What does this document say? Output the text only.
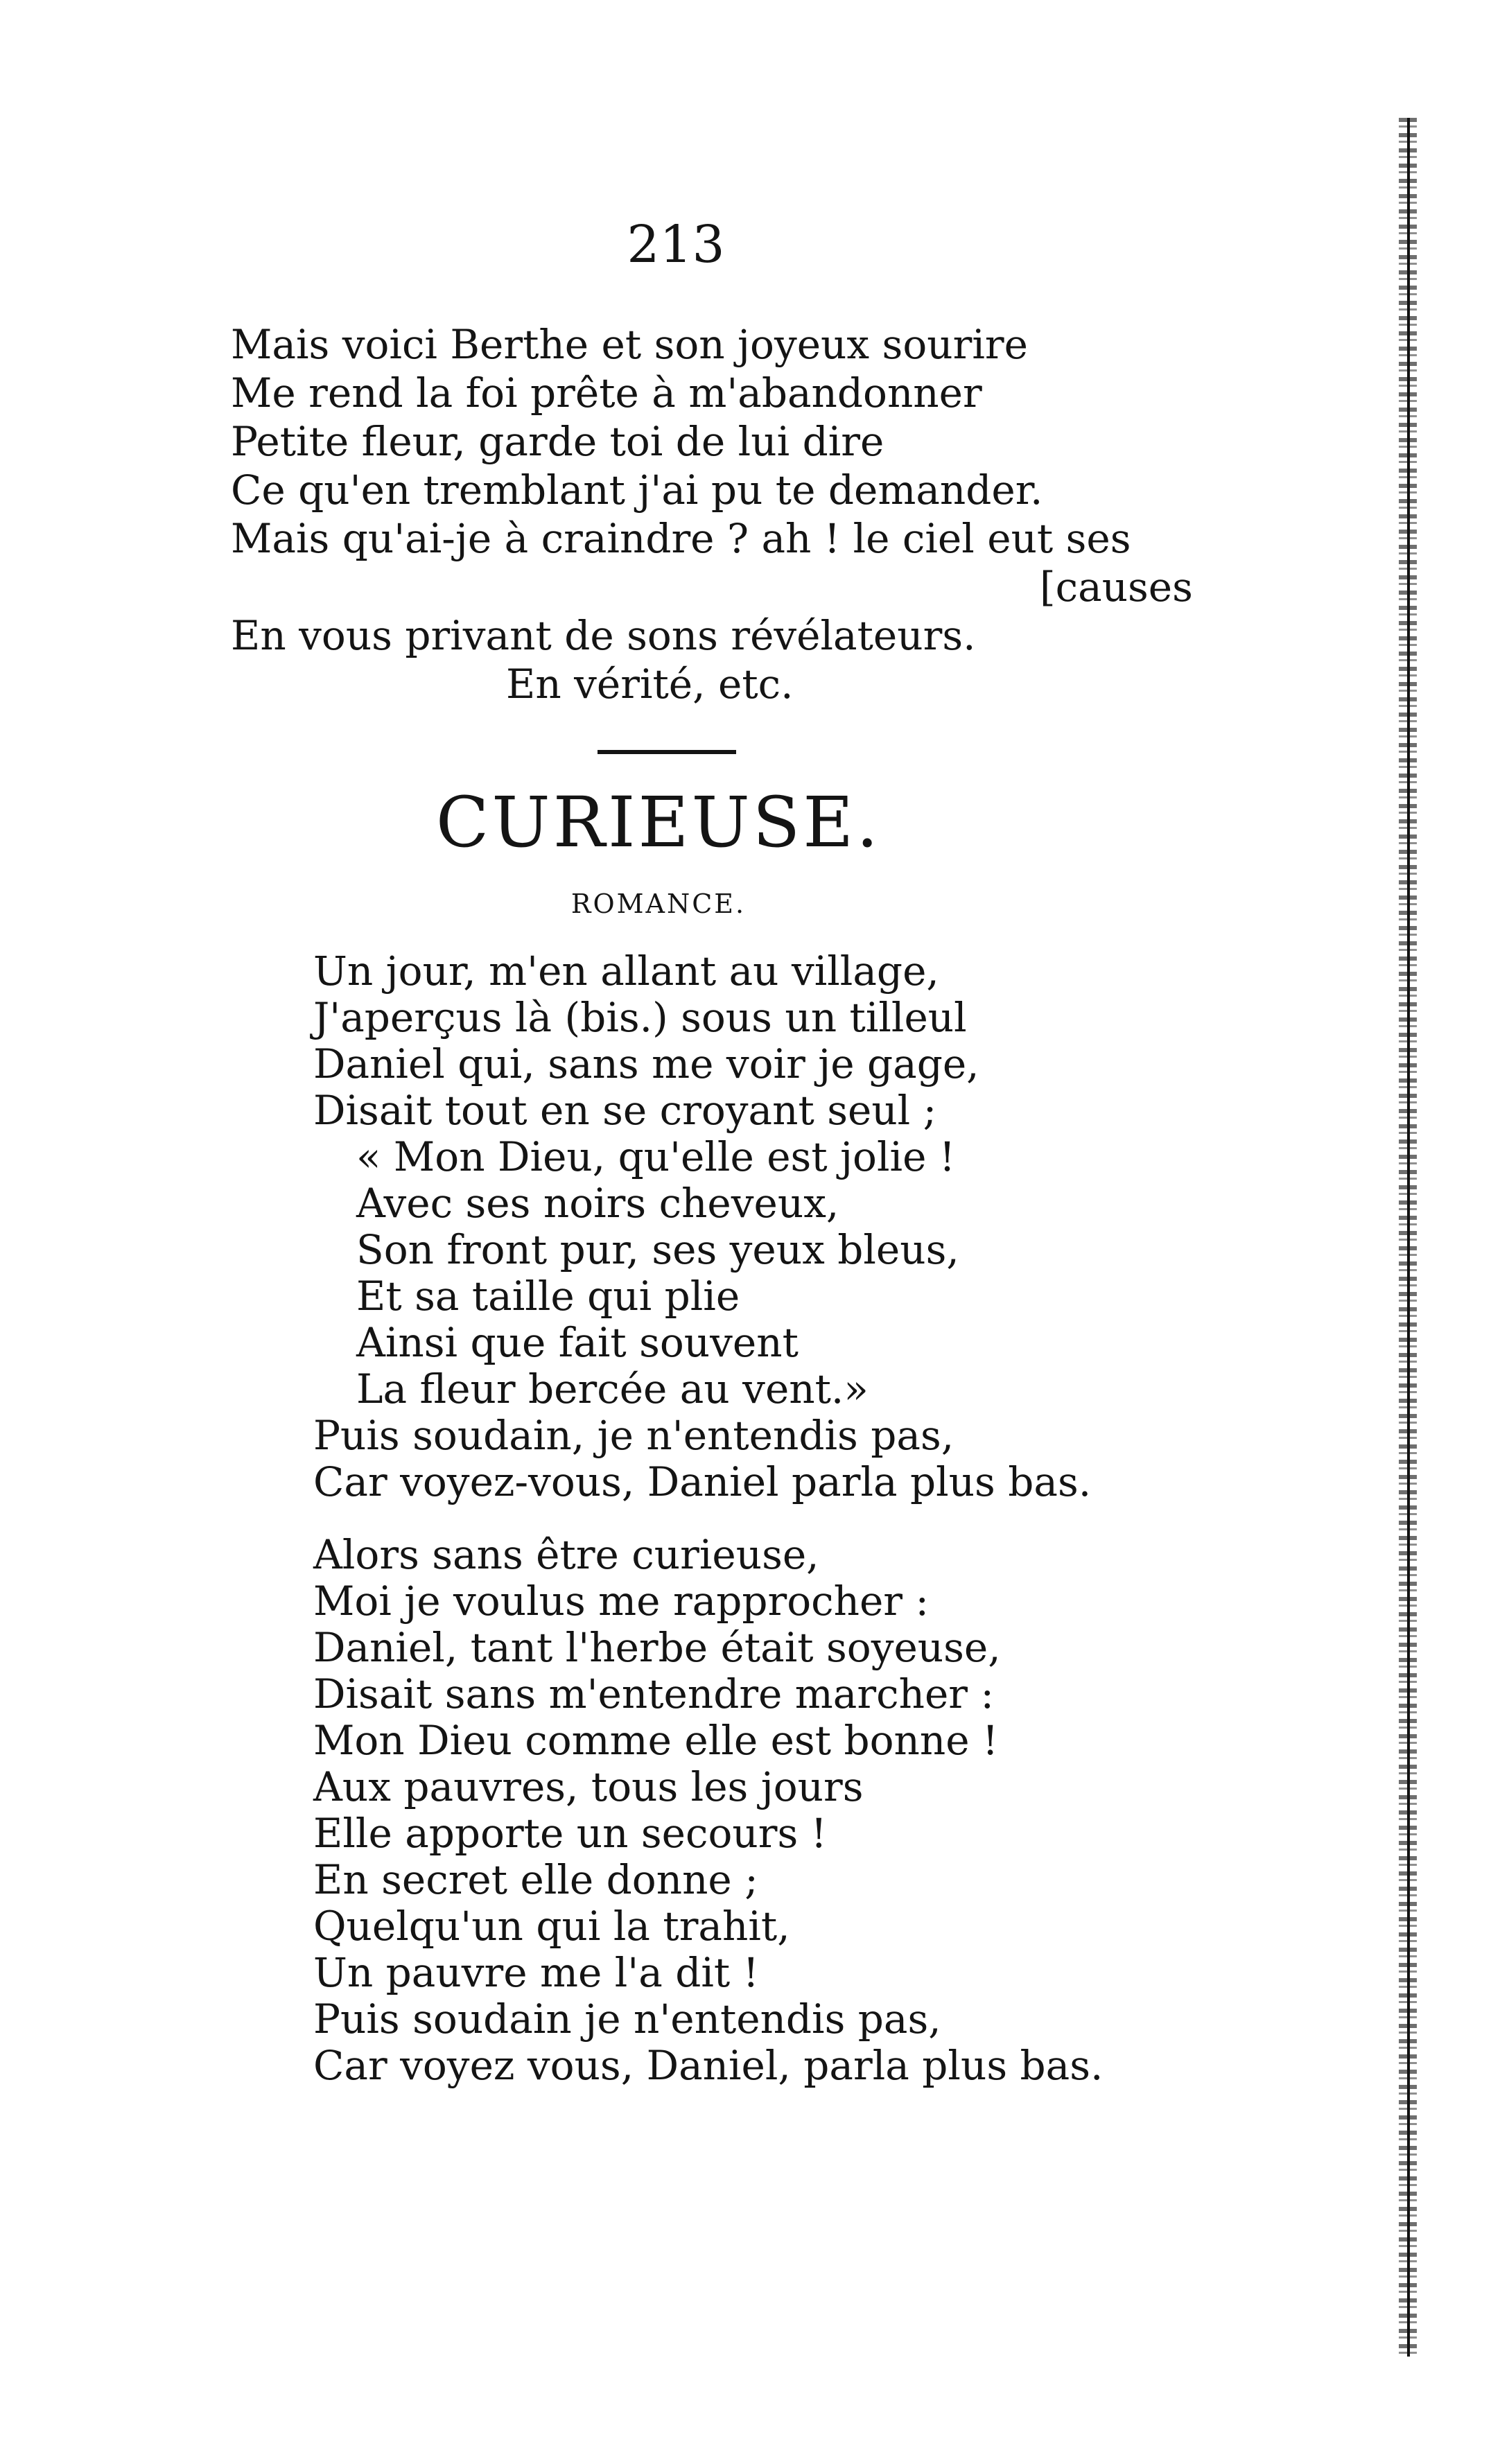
213
Mais voici Berthe et son joyeux sourire
Me rend la foi prête à m'abandonner
Petite fleur, garde toi de lui dire
Ce qu'en tremblant j'ai pu te demander.
Mais qu'ai-je à craindre ? ah ! le ciel eut ses
[causes
En vous privant de sons révélateurs.
En vérité, etc.
CURIEUSE.
ROMANCE.
Un jour, m'en allant au village,
J'aperçus là (bis.) sous un tilleul
Daniel qui, sans me voir je gage,
Disait tout en se croyant seul ;
« Mon Dieu, qu'elle est jolie !
Avec ses noirs cheveux,
Son front pur, ses yeux bleus,
Et sa taille qui plie
Ainsi que fait souvent
La fleur bercée au vent.»
Puis soudain, je n'entendis pas,
Car voyez-vous, Daniel parla plus bas.
Alors sans être curieuse,
Moi je voulus me rapprocher :
Daniel, tant l'herbe était soyeuse,
Disait sans m'entendre marcher :
Mon Dieu comme elle est bonne !
Aux pauvres, tous les jours
Elle apporte un secours !
En secret elle donne ;
Quelqu'un qui la trahit,
Un pauvre me l'a dit !
Puis soudain je n'entendis pas,
Car voyez vous, Daniel, parla plus bas.
